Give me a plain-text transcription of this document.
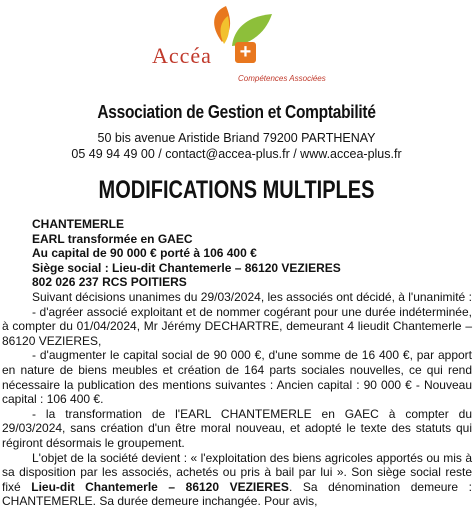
Accéa +
Compétences Associées
Association de Gestion et Comptabilité
50 bis avenue Aristide Briand 79200 PARTHENAY
05 49 94 49 00 / contact@accea-plus.fr / www.accea-plus.fr
MODIFICATIONS MULTIPLES

CHANTEMERLE

EARL transformée en GAEC

Au capital de 90 000 € porté à 106 400 €

Siège social : Lieu-dit Chantemerle – 86120 VEZIERES

802 026 237 RCS POITIERS

Suivant décisions unanimes du 29/03/2024, les associés ont décidé, à l'unanimité :

- d'agréer associé exploitant et de nommer cogérant pour une durée indéterminée, à compter du 01/04/2024, Mr Jérémy DECHARTRE, demeurant 4 lieudit Chantemerle – 86120 VEZIERES,

- d'augmenter le capital social de 90 000 €, d'une somme de 16 400 €, par apport en nature de biens meubles et création de 164 parts sociales nouvelles, ce qui rend nécessaire la publication des mentions suivantes : Ancien capital : 90 000 € - Nouveau capital : 106 400 €.

- la transformation de l'EARL CHANTEMERLE en GAEC à compter du 29/03/2024, sans création d'un être moral nouveau, et adopté le texte des statuts qui régiront désormais le groupement.

L'objet de la société devient : « l'exploitation des biens agricoles apportés ou mis à sa disposition par les associés, achetés ou pris à bail par lui ». Son siège social reste fixé Lieu-dit Chantemerle – 86120 VEZIERES. Sa dénomination demeure : CHANTEMERLE. Sa durée demeure inchangée. Pour avis,
